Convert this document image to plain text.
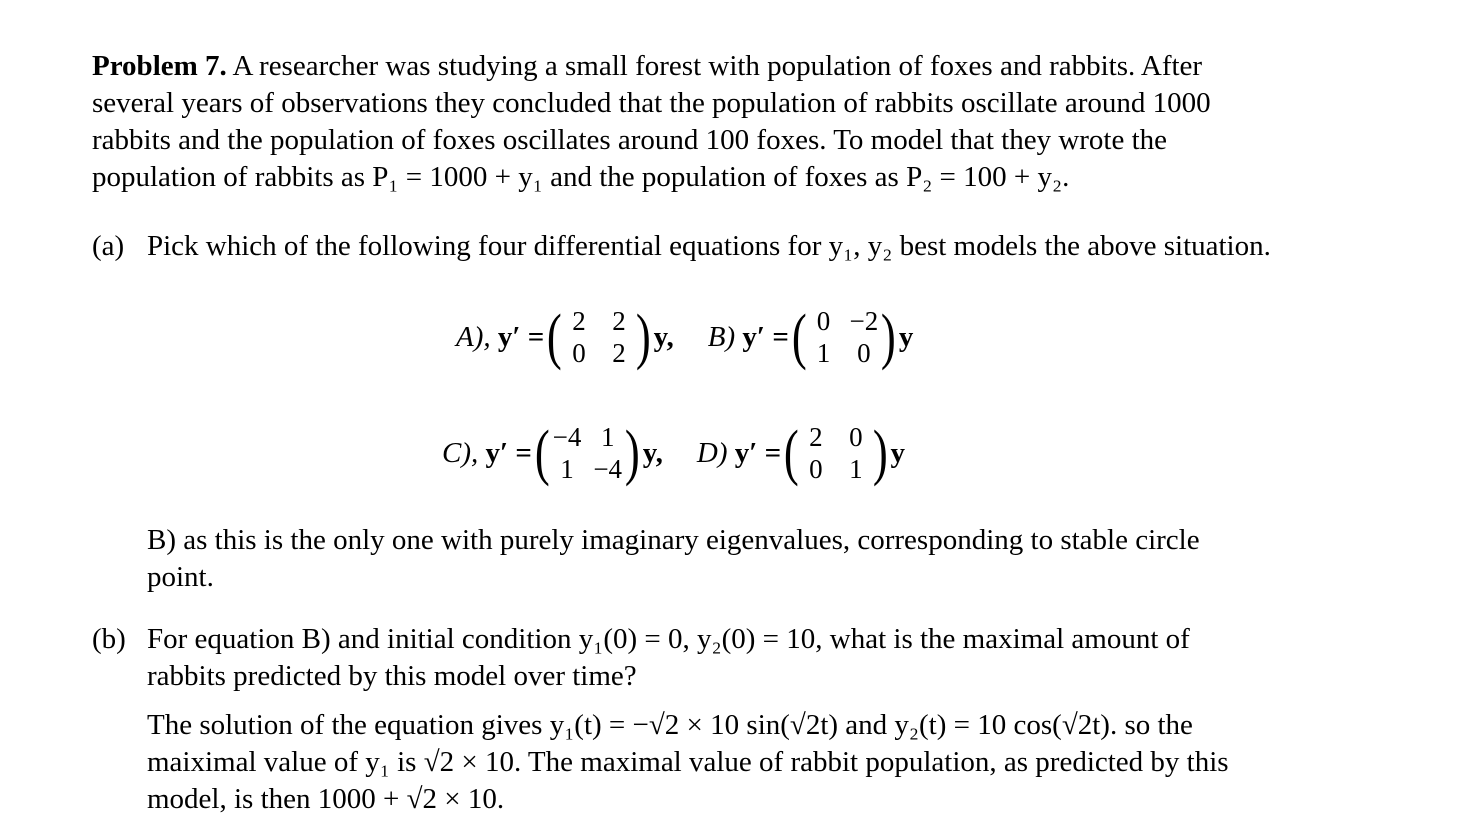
Problem 7. A researcher was studying a small forest with population of foxes and rabbits. After
several years of observations they concluded that the population of rabbits oscillate around 1000
rabbits and the population of foxes oscillates around 100 foxes. To model that they wrote the
population of rabbits as P₁ = 1000 + y₁ and the population of foxes as P₂ = 100 + y₂.
(a) Pick which of the following four differential equations for y₁, y₂ best models the above situation.
A),
y′ = ( 2 2
0 2 ) y, B)
y′ = ( 0 −2
1 0 ) y
C),
y′ = ( −4 1
1 −4 ) y, D)
y′ = ( 2 0
0 1 ) y
B) as this is the only one with purely imaginary eigenvalues, corresponding to stable circle
point.
(b) For equation B) and initial condition y₁(0) = 0, y₂(0) = 10, what is the maximal amount of
rabbits predicted by this model over time?
The solution of the equation gives y₁(t) = −√2 × 10 sin(√2t) and y₂(t) = 10 cos(√2t). so the
maiximal value of y₁ is √2 × 10. The maximal value of rabbit population, as predicted by this
model, is then 1000 + √2 × 10.
